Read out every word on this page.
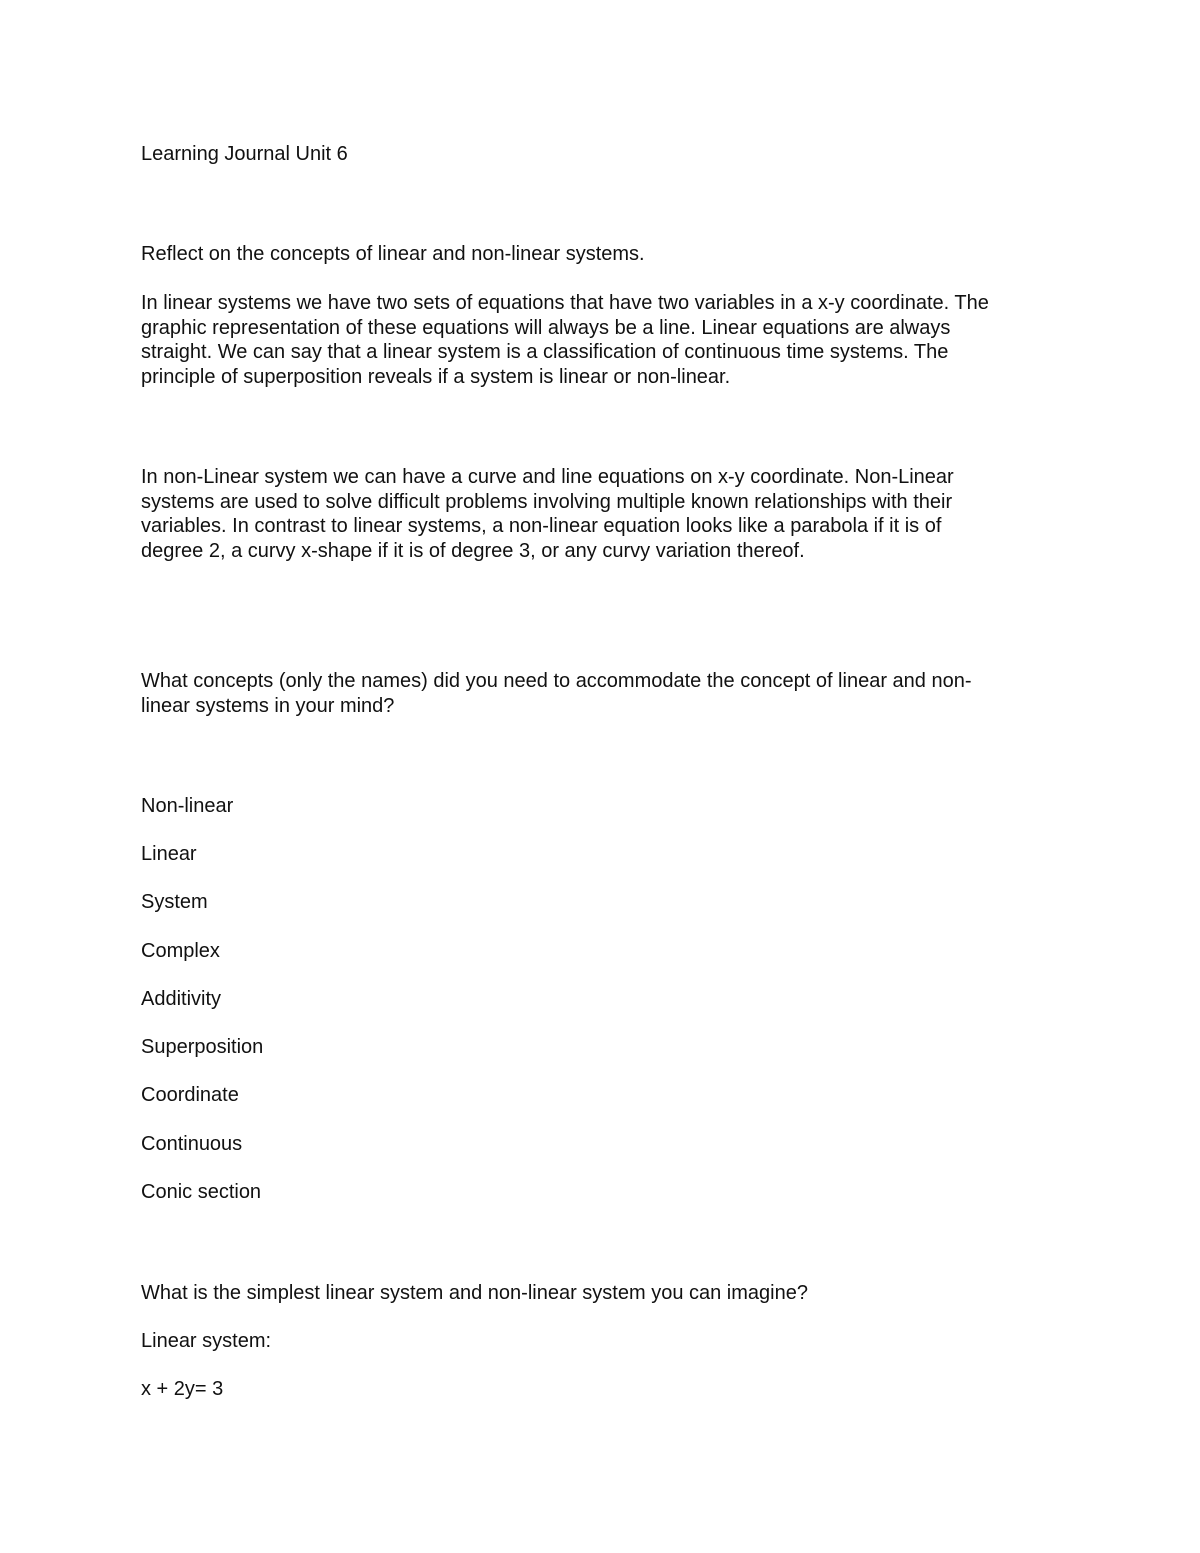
Learning Journal Unit 6

Reflect on the concepts of linear and non-linear systems.

In linear systems we have two sets of equations that have two variables in a x-y coordinate. The
graphic representation of these equations will always be a line. Linear equations are always
straight. We can say that a linear system is a classification of continuous time systems. The
principle of superposition reveals if a system is linear or non-linear.

In non-Linear system we can have a curve and line equations on x-y coordinate. Non-Linear
systems are used to solve difficult problems involving multiple known relationships with their
variables. In contrast to linear systems, a non-linear equation looks like a parabola if it is of
degree 2, a curvy x-shape if it is of degree 3, or any curvy variation thereof.

What concepts (only the names) did you need to accommodate the concept of linear and non-
linear systems in your mind?

Non-linear

Linear

System

Complex

Additivity

Superposition

Coordinate

Continuous

Conic section

What is the simplest linear system and non-linear system you can imagine?

Linear system:

x + 2y= 3
